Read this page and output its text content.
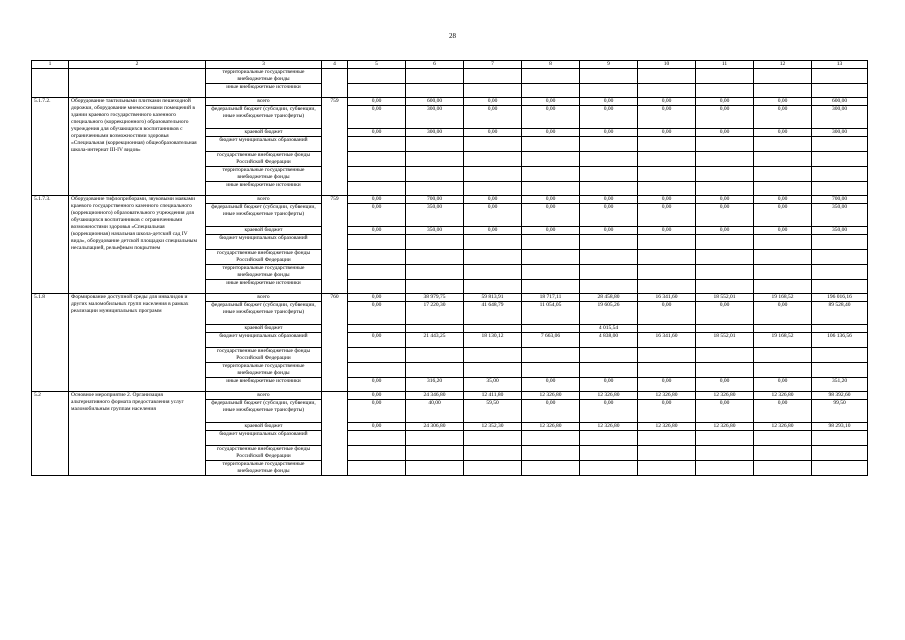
28
1	2	3	4	5	6	7	8	9	10	11	12	13
		территориальные государственные внебюджетные фонды										
		иные внебюджетные источники										
5.1.7.2.	Оборудование тактильными плитками пешеходной дорожки, оборудование мнемосхемами помещений в здании краевого государственного казенного специального (коррекционного) образовательного учреждения для обучающихся воспитанников с ограниченными возможностями здоровья «Специальная (коррекционная) общеобразовательная школа-интернат III-IV видов»	всего	759	0,00	600,00	0,00	0,00	0,00	0,00	0,00	0,00	600,00
		федеральный бюджет (субсидии, субвенции, иные межбюджетные трансферты)		0,00	300,00	0,00	0,00	0,00	0,00	0,00	0,00	300,00
		краевой бюджет		0,00	300,00	0,00	0,00	0,00	0,00	0,00	0,00	300,00
		бюджет муниципальных образований										
		государственные внебюджетные фонды Российской Федерации										
		территориальные государственные внебюджетные фонды										
		иные внебюджетные источники										
5.1.7.3.	Оборудование тифлоприборами, звуковыми маяками краевого государственного казенного специального (коррекционного) образовательного учреждения для обучающихся воспитанников с ограниченными возможностями здоровья «Специальная (коррекционная) начальная школа-детский сад IV вида», оборудование детской площадки специальным несальпацией, рельефным покрытием	всего	759	0,00	700,00	0,00	0,00	0,00	0,00	0,00	0,00	700,00
		федеральный бюджет (субсидии, субвенции, иные межбюджетные трансферты)		0,00	350,00	0,00	0,00	0,00	0,00	0,00	0,00	350,00
		краевой бюджет		0,00	350,00	0,00	0,00	0,00	0,00	0,00	0,00	350,00
		бюджет муниципальных образований										
		государственные внебюджетные фонды Российской Федерации										
		территориальные государственные внебюджетные фонды										
		иные внебюджетные источники										
5.1.8	Формирование доступной среды для инвалидов и других маломобильных групп населения в рамках реализации муниципальных программ	всего	760	0,00	38 979,75	59 813,91	18 717,11	28 458,80	16 341,60	18 552,01	19 168,52	196 016,16
		федеральный бюджет (субсидии, субвенции, иные межбюджетные трансферты)		0,00	17 220,30	41 648,79	11 054,05	19 605,26	0,00	0,00	0,00	89 528,40
		краевой бюджет						4 015,54				
		бюджет муниципальных образований		0,00	21 443,25	18 130,12	7 663,06	4 838,00	16 341,60	18 552,01	19 168,52	106 136,56
		государственные внебюджетные фонды Российской Федерации										
		территориальные государственные внебюджетные фонды										
		иные внебюджетные источники		0,00	316,20	35,00	0,00	0,00	0,00	0,00	0,00	351,20
5.2	Основное мероприятие 2. Организация альтернативного формата предоставления услуг маломобильным группам населения	всего		0,00	24 346,80	12 411,80	12 326,80	12 326,80	12 326,80	12 326,80	12 326,80	98 392,60
		федеральный бюджет (субсидии, субвенции, иные межбюджетные трансферты)		0,00	40,00	59,50	0,00	0,00	0,00	0,00	0,00	99,50
		краевой бюджет		0,00	24 306,80	12 352,30	12 326,80	12 326,80	12 326,80	12 326,80	12 326,80	98 293,10
		бюджет муниципальных образований										
		государственные внебюджетные фонды Российской Федерации										
		территориальные государственные внебюджетные фонды										
